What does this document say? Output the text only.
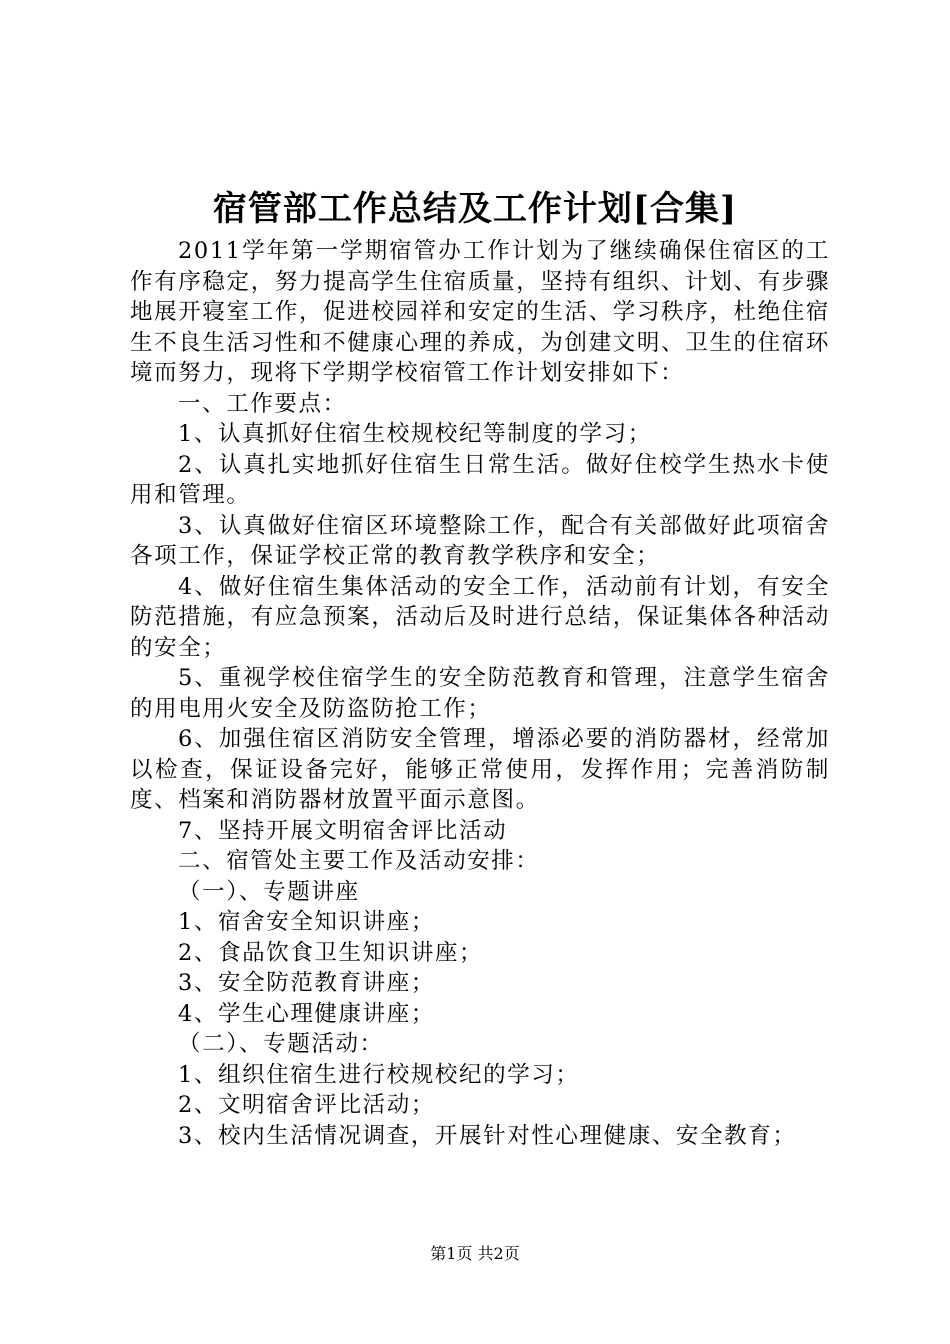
宿管部工作总结及工作计划[合集]

2011学年第一学期宿管办工作计划为了继续确保住宿区的工作有序稳定，努力提高学生住宿质量，坚持有组织、计划、有步骤地展开寝室工作，促进校园祥和安定的生活、学习秩序，杜绝住宿生不良生活习性和不健康心理的养成，为创建文明、卫生的住宿环境而努力，现将下学期学校宿管工作计划安排如下：

一、工作要点：

1、认真抓好住宿生校规校纪等制度的学习；

2、认真扎实地抓好住宿生日常生活。做好住校学生热水卡使用和管理。

3、认真做好住宿区环境整除工作，配合有关部做好此项宿舍各项工作，保证学校正常的教育教学秩序和安全；

4、做好住宿生集体活动的安全工作，活动前有计划，有安全防范措施，有应急预案，活动后及时进行总结，保证集体各种活动的安全；

5、重视学校住宿学生的安全防范教育和管理，注意学生宿舍的用电用火安全及防盗防抢工作；

6、加强住宿区消防安全管理，增添必要的消防器材，经常加以检查，保证设备完好，能够正常使用，发挥作用；完善消防制度、档案和消防器材放置平面示意图。

7、坚持开展文明宿舍评比活动

二、宿管处主要工作及活动安排：

（一）、专题讲座

1、宿舍安全知识讲座；

2、食品饮食卫生知识讲座；

3、安全防范教育讲座；

4、学生心理健康讲座；

（二）、专题活动：

1、组织住宿生进行校规校纪的学习；

2、文明宿舍评比活动；

3、校内生活情况调查，开展针对性心理健康、安全教育；

第1页 共2页
